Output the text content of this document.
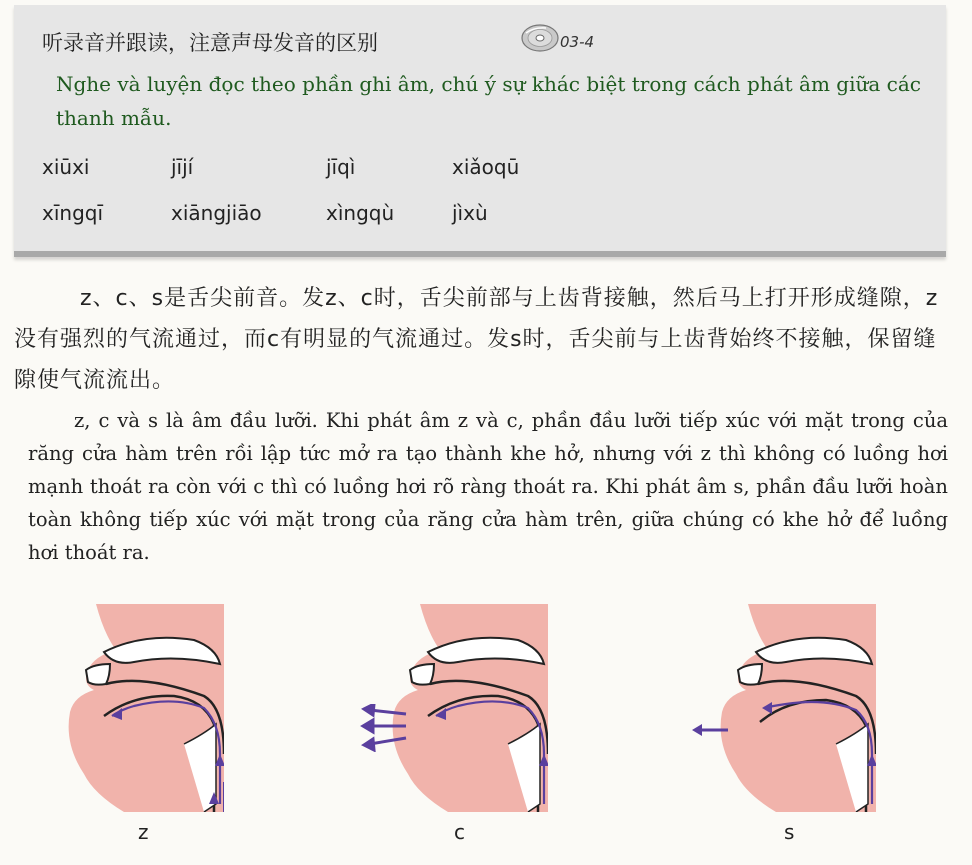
听录音并跟读，注意声母发音的区别	03-4
Nghe và luyện đọc theo phần ghi âm, chú ý sự khác biệt trong cách phát âm giữa các thanh mẫu.
xiūxi	jījí	jīqì	xiǎoqū
xīngqī	xiāngjiāo	xìngqù	jìxù
z、c、s是舌尖前音。发z、c时，舌尖前部与上齿背接触，然后马上打开形成缝隙，z没有强烈的气流通过，而c有明显的气流通过。发s时，舌尖前与上齿背始终不接触，保留缝隙使气流流出。
z, c và s là âm đầu lưỡi. Khi phát âm z và c, phần đầu lưỡi tiếp xúc với mặt trong của răng cửa hàm trên rồi lập tức mở ra tạo thành khe hở, nhưng với z thì không có luồng hơi mạnh thoát ra còn với c thì có luồng hơi rõ ràng thoát ra. Khi phát âm s, phần đầu lưỡi hoàn toàn không tiếp xúc với mặt trong của răng cửa hàm trên, giữa chúng có khe hở để luồng hơi thoát ra.
z	c	s
